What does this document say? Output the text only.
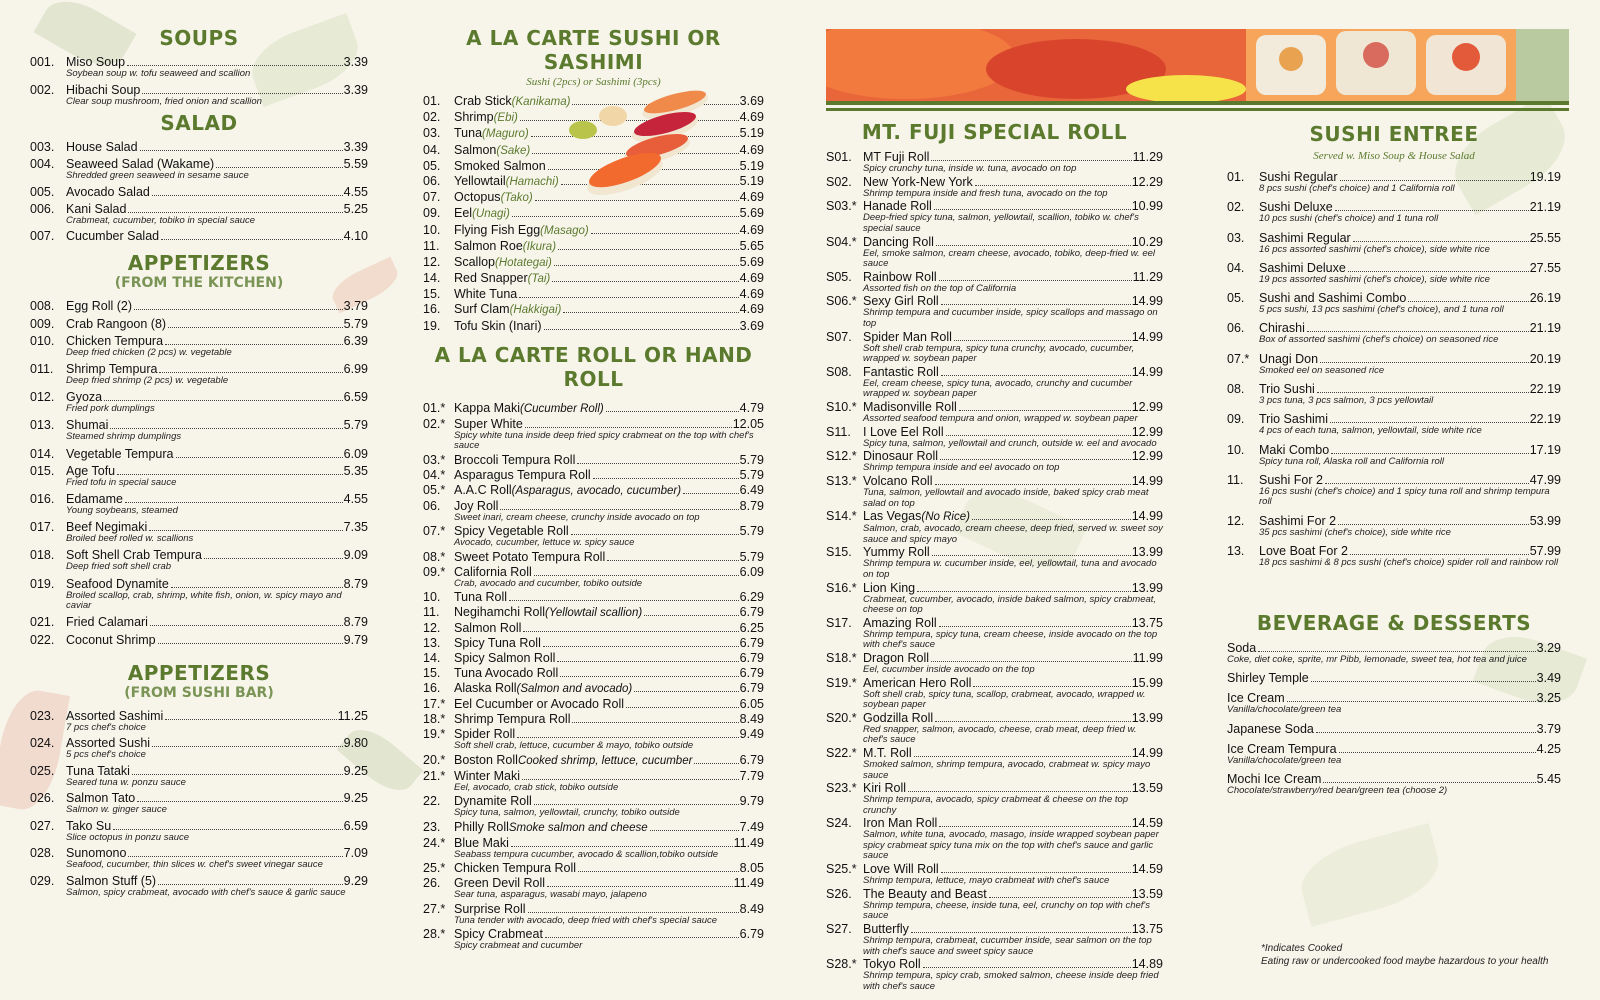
SOUPS
001. Miso Soup	3.39
Soybean soup w. tofu seaweed and scallion
002. Hibachi Soup	3.39
Clear soup mushroom, fried onion and scallion
SALAD
003. House Salad	3.39
004. Seaweed Salad (Wakame)	5.59
Shredded green seaweed in sesame sauce
005. Avocado Salad	4.55
006. Kani Salad	5.25
Crabmeat, cucumber, tobiko in special sauce
007. Cucumber Salad	4.10
APPETIZERS
(FROM THE KITCHEN)
008. Egg Roll (2)	3.79
009. Crab Rangoon (8)	5.79
010. Chicken Tempura	6.39
Deep fried chicken (2 pcs) w. vegetable
011.	Shrimp Tempura	6.99
Deep fried shrimp (2 pcs) w. vegetable
012. Gyoza	6.59
Fried pork dumplings
013. Shumai	5.79
Steamed shrimp dumplings
014. Vegetable Tempura	6.09
015. Age Tofu	5.35
Fried tofu in special sauce
016. Edamame	4.55
Young soybeans, steamed
017. Beef Negimaki	7.35
Broiled beef rolled w. scallions
018. Soft Shell Crab Tempura	9.09
Deep fried soft shell crab
019. Seafood Dynamite	8.79
Broiled scallop, crab, shrimp, white fish, onion, w. spicy mayo and caviar
021. Fried Calamari	8.79
022. Coconut Shrimp	9.79
APPETIZERS
(FROM SUSHI BAR)
023. Assorted Sashimi	11.25
7 pcs chef's choice
024. Assorted Sushi	9.80
5 pcs chef's choice
025. Tuna Tataki	9.25
Seared tuna w. ponzu sauce
026. Salmon Tato	9.25
Salmon w. ginger sauce
027. Tako Su	6.59
Slice octopus in ponzu sauce
028. Sunomono	7.09
Seafood, cucumber, thin slices w. chef's sweet vinegar sauce
029. Salmon Stuff (5)	9.29
Salmon, spicy crabmeat, avocado with chef's sauce & garlic sauce
A LA CARTE SUSHI OR SASHIMI
Sushi (2pcs) or Sashimi (3pcs)
01.	Crab Stick (Kanikama)	3.69
02.	Shrimp (Ebi)	4.69
03.	Tuna (Maguro)	5.19
04.	Salmon (Sake)	4.69
05.	Smoked Salmon	5.19
06.	Yellowtail (Hamachi)	5.19
07.	Octopus (Tako)	4.69
09.	Eel (Unagi)	5.69
10.	Flying Fish Egg (Masago)	4.69
11.	Salmon Roe (Ikura)	5.65
12.	Scallop (Hotategai)	5.69
14.	Red Snapper (Tai)	4.69
15.	White Tuna	4.69
16.	Surf Clam (Hakkigai)	4.69
19.	Tofu Skin (Inari)	3.69
A LA CARTE ROLL OR HAND ROLL
01.* Kappa Maki (Cucumber Roll)	4.79
02.* Super White	12.05
Spicy white tuna inside deep fried spicy crabmeat on the top with chef's sauce
03.* Broccoli Tempura Roll	5.79
04.* Asparagus Tempura Roll	5.79
05.* A.A.C Roll (Asparagus, avocado, cucumber)	6.49
06.	Joy Roll	8.79
Sweet inari, cream cheese, crunchy inside avocado on top
07.* Spicy Vegetable Roll	5.79
Avocado, cucumber, lettuce w. spicy sauce
08.* Sweet Potato Tempura Roll	5.79
09.* California Roll	6.09
Crab, avocado and cucumber, tobiko outside
10.	Tuna Roll	6.29
11.	Negihamchi Roll (Yellowtail scallion)	6.79
12.	Salmon Roll	6.25
13.	Spicy Tuna Roll	6.79
14.	Spicy Salmon Roll	6.79
15.	Tuna Avocado Roll	6.79
16.	Alaska Roll (Salmon and avocado)	6.79
17.* Eel Cucumber or Avocado Roll	6.05
18.* Shrimp Tempura Roll	8.49
19.* Spider Roll	9.49
Soft shell crab, lettuce, cucumber & mayo, tobiko outside
20.* Boston Roll Cooked shrimp, lettuce, cucumber	6.79
21.* Winter Maki	7.79
Eel, avocado, crab stick, tobiko outside
22.	Dynamite Roll	9.79
Spicy tuna, salmon, yellowtail, crunchy, tobiko outside
23.	Philly Roll Smoke salmon and cheese	7.49
24.* Blue Maki	11.49
Seabass tempura cucumber, avocado & scallion,tobiko outside
25.* Chicken Tempura Roll	8.05
26.	Green Devil Roll	11.49
Sear tuna, asparagus, wasabi mayo, jalapeno
27.* Surprise Roll	8.49
Tuna tender with avocado, deep fried with chef's special sauce
28.* Spicy Crabmeat	6.79
Spicy crabmeat and cucumber
MT. FUJI SPECIAL ROLL
S01. MT Fuji Roll	11.29
Spicy crunchy tuna, inside w. tuna, avocado on top
S02. New York-New York	12.29
Shrimp tempura inside and fresh tuna, avocado on the top
S03.* Hanade Roll	10.99
Deep-fried spicy tuna, salmon, yellowtail, scallion, tobiko w. chef's special sauce
S04.* Dancing Roll	10.29
Eel, smoke salmon, cream cheese, avocado, tobiko, deep-fried w. eel sauce
S05. Rainbow Roll	11.29
Assorted fish on the top of California
S06.* Sexy Girl Roll	14.99
Shrimp tempura and cucumber inside, spicy scallops and massago on top
S07. Spider Man Roll	14.99
Soft shell crab tempura, spicy tuna crunchy, avocado, cucumber, wrapped w. soybean paper
S08. Fantastic Roll	14.99
Eel, cream cheese, spicy tuna, avocado, crunchy and cucumber wrapped w. soybean paper
S10.* Madisonville Roll	12.99
Assorted seafood tempura and onion, wrapped w. soybean paper
S11. I Love Eel Roll	12.99
Spicy tuna, salmon, yellowtail and crunch, outside w. eel and avocado
S12.* Dinosaur Roll	12.99
Shrimp tempura inside and eel avocado on top
S13.* Volcano Roll	14.99
Tuna, salmon, yellowtail and avocado inside, baked spicy crab meat salad on top
S14.* Las Vegas (No Rice)	14.99
Salmon, crab, avocado, cream cheese, deep fried, served w. sweet soy sauce and spicy mayo
S15. Yummy Roll	13.99
Shrimp tempura w. cucumber inside, eel, yellowtail, tuna and avocado on top
S16.* Lion King	13.99
Crabmeat, cucumber, avocado, inside baked salmon, spicy crabmeat, cheese on top
S17. Amazing Roll	13.75
Shrimp tempura, spicy tuna, cream cheese, inside avocado on the top with chef's sauce
S18.* Dragon Roll	11.99
Eel, cucumber inside avocado on the top
S19.* American Hero Roll	15.99
Soft shell crab, spicy tuna, scallop, crabmeat, avocado, wrapped w. soybean paper
S20.* Godzilla Roll	13.99
Red snapper, salmon, avocado, cheese, crab meat, deep fried w. chef's sauce
S22.* M.T. Roll	14.99
Smoked salmon, shrimp tempura, avocado, crabmeat w. spicy mayo sauce
S23.* Kiri Roll	13.59
Shrimp tempura, avocado, spicy crabmeat & cheese on the top crunchy
S24. Iron Man Roll	14.59
Salmon, white tuna, avocado, masago, inside wrapped soybean paper spicy crabmeat spicy tuna mix on the top with chef's sauce and garlic sauce
S25.* Love Will Roll	14.59
Shrimp tempura, lettuce, mayo crabmeat with chef's sauce
S26. The Beauty and Beast	13.59
Shrimp tempura, cheese, inside tuna, eel, crunchy on top with chef's sauce
S27. Butterfly	13.75
Shrimp tempura, crabmeat, cucumber inside, sear salmon on the top with chef's sauce and sweet spicy sauce
S28.* Tokyo Roll	14.89
Shrimp tempura, spicy crab, smoked salmon, cheese inside deep fried with chef's sauce
SUSHI ENTREE
Served w. Miso Soup & House Salad
01.	Sushi Regular	19.19
8 pcs sushi (chef's choice) and 1 California roll
02.	Sushi Deluxe	21.19
10 pcs sushi (chef's choice) and 1 tuna roll
03.	Sashimi Regular	25.55
16 pcs assorted sashimi (chef's choice), side white rice
04.	Sashimi Deluxe	27.55
19 pcs assorted sashimi (chef's choice), side white rice
05.	Sushi and Sashimi Combo	26.19
5 pcs sushi, 13 pcs sashimi (chef's choice), and 1 tuna roll
06.	Chirashi	21.19
Box of assorted sashimi (chef's choice) on seasoned rice
07.* Unagi Don	20.19
Smoked eel on seasoned rice
08.	Trio Sushi	22.19
3 pcs tuna, 3 pcs salmon, 3 pcs yellowtail
09.	Trio Sashimi	22.19
4 pcs of each tuna, salmon, yellowtail, side white rice
10.	Maki Combo	17.19
Spicy tuna roll, Alaska roll and California roll
11.	Sushi For 2	47.99
16 pcs sushi (chef's choice) and 1 spicy tuna roll and shrimp tempura roll
12.	Sashimi For 2	53.99
35 pcs sashimi (chef's choice), side white rice
13.	Love Boat For 2	57.99
18 pcs sashimi & 8 pcs sushi (chef's choice) spider roll and rainbow roll
BEVERAGE & DESSERTS
Soda	3.29
Coke, diet coke, sprite, mr Pibb, lemonade, sweet tea, hot tea and juice
Shirley Temple	3.49
Ice Cream	3.25
Vanilla/chocolate/green tea
Japanese Soda	3.79
Ice Cream Tempura	4.25
Vanilla/chocolate/green tea
Mochi Ice Cream	5.45
Chocolate/strawberry/red bean/green tea (choose 2)
*Indicates Cooked
Eating raw or undercooked food maybe hazardous to your health
